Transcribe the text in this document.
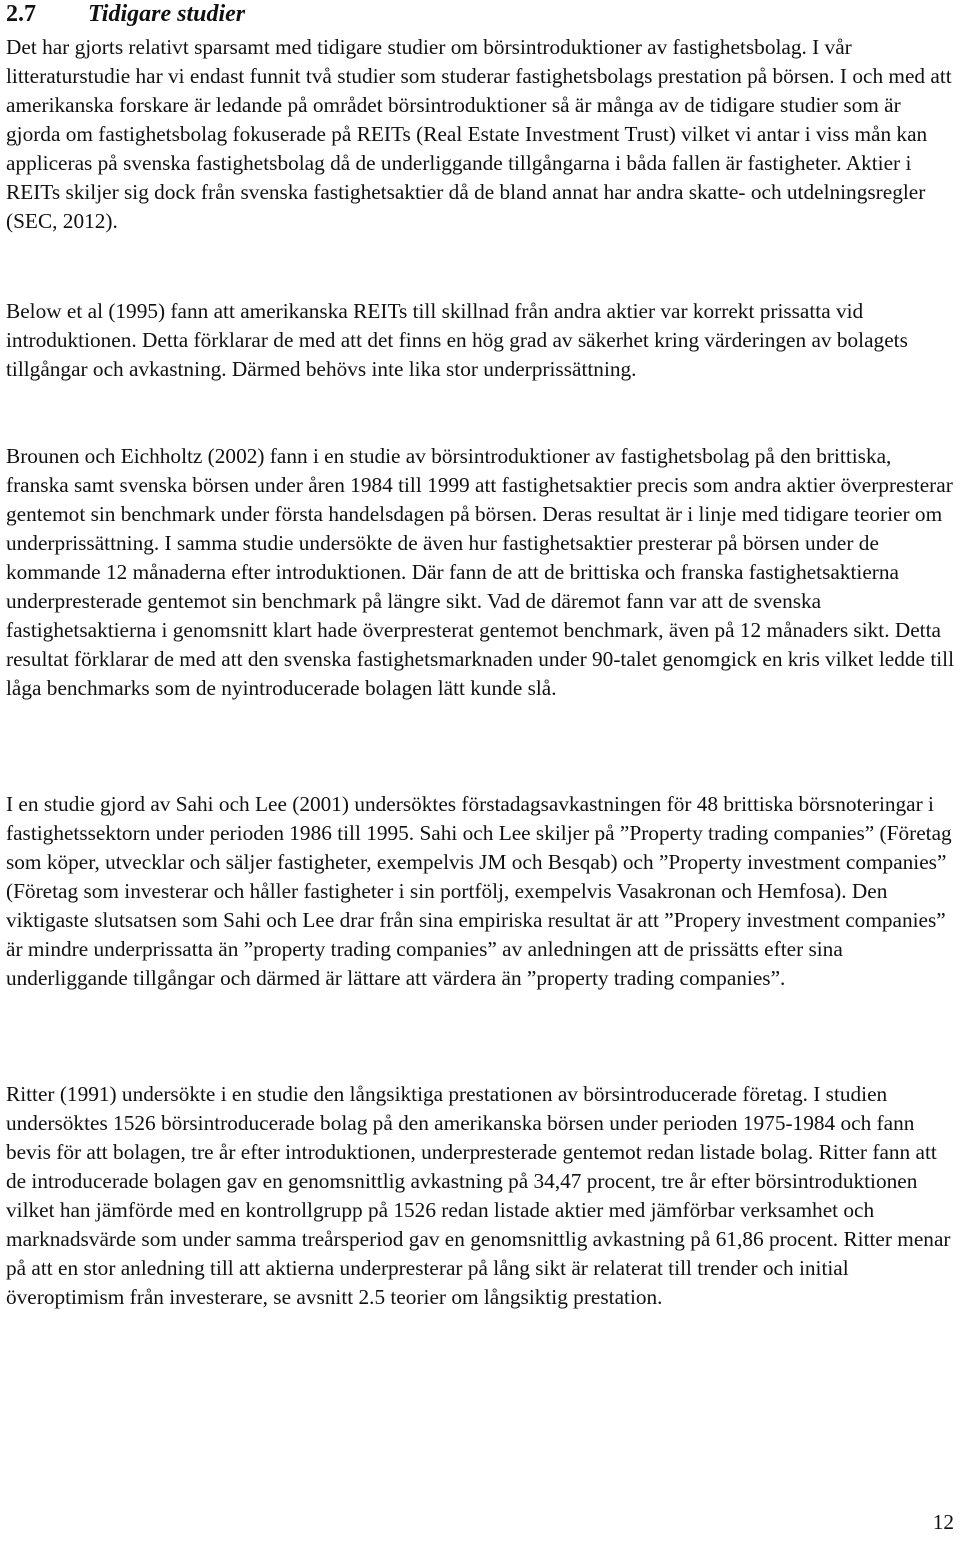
2.7 Tidigare studier

Det har gjorts relativt sparsamt med tidigare studier om börsintroduktioner av fastighetsbolag. I vår litteraturstudie har vi endast funnit två studier som studerar fastighetsbolags prestation på börsen. I och med att amerikanska forskare är ledande på området börsintroduktioner så är många av de tidigare studier som är gjorda om fastighetsbolag fokuserade på REITs (Real Estate Investment Trust) vilket vi antar i viss mån kan appliceras på svenska fastighetsbolag då de underliggande tillgångarna i båda fallen är fastigheter. Aktier i REITs skiljer sig dock från svenska fastighetsaktier då de bland annat har andra skatte- och utdelningsregler (SEC, 2012).

Below et al (1995) fann att amerikanska REITs till skillnad från andra aktier var korrekt prissatta vid introduktionen. Detta förklarar de med att det finns en hög grad av säkerhet kring värderingen av bolagets tillgångar och avkastning. Därmed behövs inte lika stor underprissättning.

Brounen och Eichholtz (2002) fann i en studie av börsintroduktioner av fastighetsbolag på den brittiska, franska samt svenska börsen under åren 1984 till 1999 att fastighetsaktier precis som andra aktier överpresterar gentemot sin benchmark under första handelsdagen på börsen. Deras resultat är i linje med tidigare teorier om underprissättning. I samma studie undersökte de även hur fastighetsaktier presterar på börsen under de kommande 12 månaderna efter introduktionen. Där fann de att de brittiska och franska fastighetsaktierna underpresterade gentemot sin benchmark på längre sikt. Vad de däremot fann var att de svenska fastighetsaktierna i genomsnitt klart hade överpresterat gentemot benchmark, även på 12 månaders sikt. Detta resultat förklarar de med att den svenska fastighetsmarknaden under 90-talet genomgick en kris vilket ledde till låga benchmarks som de nyintroducerade bolagen lätt kunde slå.

I en studie gjord av Sahi och Lee (2001) undersöktes förstadagsavkastningen för 48 brittiska börsnoteringar i fastighetssektorn under perioden 1986 till 1995. Sahi och Lee skiljer på ”Property trading companies” (Företag som köper, utvecklar och säljer fastigheter, exempelvis JM och Besqab) och ”Property investment companies” (Företag som investerar och håller fastigheter i sin portfölj, exempelvis Vasakronan och Hemfosa). Den viktigaste slutsatsen som Sahi och Lee drar från sina empiriska resultat är att ”Propery investment companies” är mindre underprissatta än ”property trading companies” av anledningen att de prissätts efter sina underliggande tillgångar och därmed är lättare att värdera än ”property trading companies”.

Ritter (1991) undersökte i en studie den långsiktiga prestationen av börsintroducerade företag. I studien undersöktes 1526 börsintroducerade bolag på den amerikanska börsen under perioden 1975-1984 och fann bevis för att bolagen, tre år efter introduktionen, underpresterade gentemot redan listade bolag. Ritter fann att de introducerade bolagen gav en genomsnittlig avkastning på 34,47 procent, tre år efter börsintroduktionen vilket han jämförde med en kontrollgrupp på 1526 redan listade aktier med jämförbar verksamhet och marknadsvärde som under samma treårsperiod gav en genomsnittlig avkastning på 61,86 procent. Ritter menar på att en stor anledning till att aktierna underpresterar på lång sikt är relaterat till trender och initial överoptimism från investerare, se avsnitt 2.5 teorier om långsiktig prestation.

12
